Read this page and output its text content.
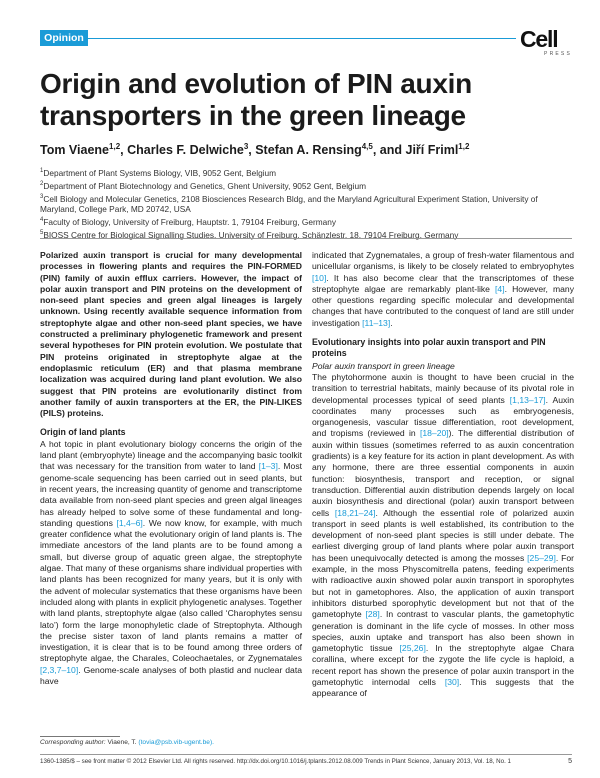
Opinion	Cell
PRESS
Origin and evolution of PIN auxin
transporters in the green lineage

Tom Viaene$^{1,2}$, Charles F. Delwiche$^3$, Stefan A. Rensing$^{4,5}$, and Jiří Friml$^{1,2}$

$^1$Department of Plant Systems Biology, VIB, 9052 Gent, Belgium
$^2$Department of Plant Biotechnology and Genetics, Ghent University, 9052 Gent, Belgium
$^3$Cell Biology and Molecular Genetics, 2108 Biosciences Research Bldg, and the Maryland Agricultural Experiment Station, University of Maryland, College Park, MD 20742, USA
$^4$Faculty of Biology, University of Freiburg, Hauptstr. 1, 79104 Freiburg, Germany
$^5$BIOSS Centre for Biological Signalling Studies, University of Freiburg, Schänzlestr. 18, 79104 Freiburg, Germany

Polarized auxin transport is crucial for many developmental processes in flowering plants and requires the PIN-FORMED (PIN) family of auxin efflux carriers. However, the impact of polar auxin transport and PIN proteins on the development of non-seed plant species and green algal lineages is largely unknown. Using recently available sequence information from streptophyte algae and other non-seed plant species, we have constructed a preliminary phylogenetic framework and present several hypotheses for PIN protein evolution. We postulate that PIN proteins originated in streptophyte algae at the endoplasmic reticulum (ER) and that plasma membrane localization was acquired during land plant evolution. We also suggest that PIN proteins are evolutionarily distinct from another family of auxin transporters at the ER, the PIN-LIKES (PILS) proteins.

Origin of land plants

A hot topic in plant evolutionary biology concerns the origin of the land plant (embryophyte) lineage and the accompanying basic toolkit that was necessary for the transition from water to land [1–3]. Most genome-scale sequencing has been carried out in seed plants, but in recent years, the increasing quantity of genome and transcriptome data available from non-seed plant species and green algal lineages has already helped to solve some of these fundamental and long-standing questions [1,4–6]. We now know, for example, with much greater confidence what the evolutionary origin of land plants is. The immediate ancestors of the land plants are to be found among a small, but diverse group of aquatic green algae, the streptophyte algae. That many of these organisms share individual properties with land plants has been recognized for many years, but it is only with the advent of molecular systematics that these organisms have been included along with plants in explicit phylogenetic analyses. Together with land plants, streptophyte algae (also called ‘Charophytes sensu lato’) form the large monophyletic clade of Streptophyta. Although the precise sister taxon of land plants remains a matter of investigation, it is clear that is to be found among three orders of streptophyte algae, the Charales, Coleochaetales, or Zygnematales [2,3,7–10]. Genome-scale analyses of both plastid and nuclear data have

indicated that Zygnematales, a group of fresh-water filamentous and unicellular organisms, is likely to be closely related to embryophytes [10]. It has also become clear that the transcriptomes of these streptophyte algae are remarkably plant-like [4]. However, many other questions regarding specific molecular and developmental changes that have contributed to the conquest of land are still under investigation [11–13].

Evolutionary insights into polar auxin transport and PIN proteins

Polar auxin transport in green lineage

The phytohormone auxin is thought to have been crucial in the transition to terrestrial habitats, mainly because of its pivotal role in developmental processes typical of seed plants [1,13–17]. Auxin coordinates many processes such as embryogenesis, organogenesis, vascular tissue differentiation, root development, and tropisms (reviewed in [18–20]). The differential distribution of auxin within tissues (sometimes referred to as auxin concentration gradients) is a key feature for its action in plant development. As with any hormone, there are three essential components in auxin function: biosynthesis, transport and reception, or signal transduction. Differential auxin distribution depends largely on local auxin biosynthesis and directional (polar) auxin transport between cells [18,21–24]. Although the essential role of polarized auxin transport in seed plants is well established, its contribution to the development of non-seed plant species is still under debate. The earliest diverging group of land plants where polar auxin transport has been unequivocally detected is among the mosses [25–29]. For example, in the moss Physcomitrella patens, feeding experiments with radioactive auxin showed polar auxin transport in sporophytes but not in gametophores. Also, the application of auxin transport inhibitors disturbed sporophytic development but not that of the gametophyte [28]. In contrast to vascular plants, the gametophytic generation is dominant in the life cycle of mosses. In other moss species, auxin uptake and transport has also been shown in gametophytic tissue [25,26]. In the streptophyte algae Chara corallina, where except for the zygote the life cycle is haploid, a recent report has shown the presence of polar auxin transport in the gametophytic internodal cells [30]. This suggests that the appearance of

Corresponding author: Viaene, T. (tovia@psb.vib-ugent.be).
1360-1385/$ – see front matter © 2012 Elsevier Ltd. All rights reserved. http://dx.doi.org/10.1016/j.tplants.2012.08.009 Trends in Plant Science, January 2013, Vol. 18, No. 1	5
